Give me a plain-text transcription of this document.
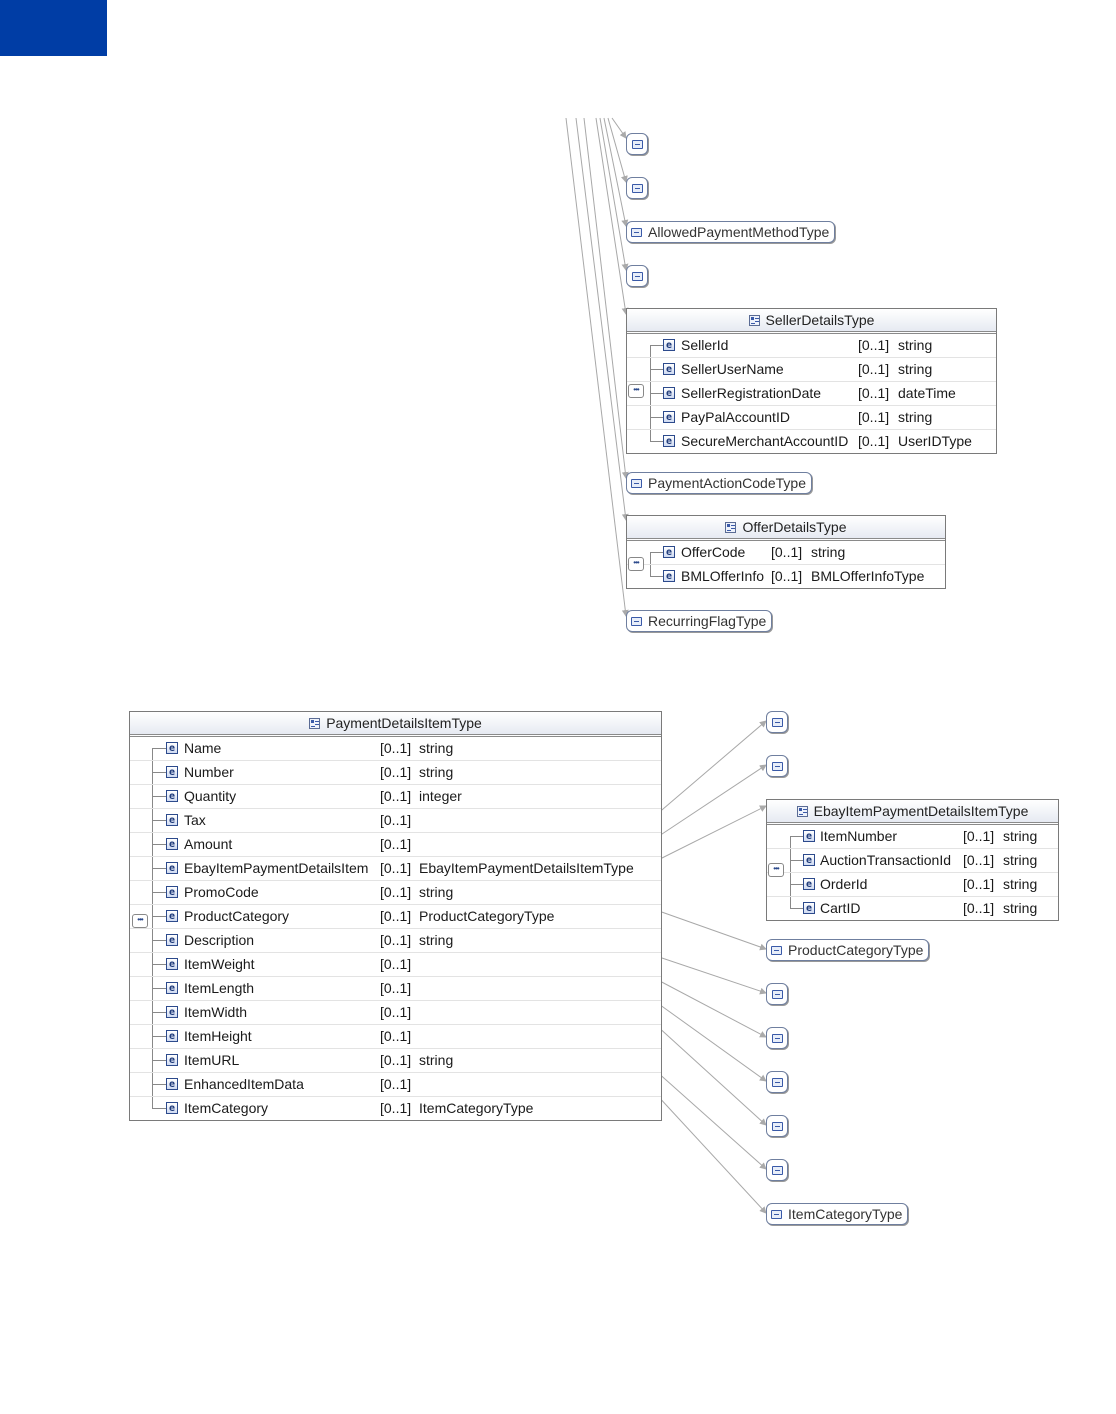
AllowedPaymentMethodType
SellerDetailsType
e SellerId	[0..1] string
e SellerUserName	[0..1] string
e SellerRegistrationDate	[0..1] dateTime
e PayPalAccountID	[0..1] string
e SecureMerchantAccountID [0..1] UserIDType
•••
PaymentActionCodeType
OfferDetailsType
e OfferCode [0..1] string
e BMLOfferInfo [0..1] BMLOfferInfoType
•••
RecurringFlagType
PaymentDetailsItemType
e Name	[0..1] string
e Number	[0..1] string
e Quantity	[0..1] integer
e Tax	[0..1]
e Amount	[0..1]
e EbayItemPaymentDetailsItem [0..1] EbayItemPaymentDetailsItemType
e PromoCode	[0..1] string
e ProductCategory	[0..1] ProductCategoryType
e Description	[0..1] string
e ItemWeight	[0..1]
e ItemLength	[0..1]
e ItemWidth	[0..1]
e ItemHeight	[0..1]
e ItemURL	[0..1] string
e EnhancedItemData	[0..1]
e ItemCategory	[0..1] ItemCategoryType
•••
EbayItemPaymentDetailsItemType
e ItemNumber	[0..1] string
e AuctionTransactionId [0..1] string
e OrderId	[0..1] string
e CartID	[0..1] string
•••
ProductCategoryType
ItemCategoryType
